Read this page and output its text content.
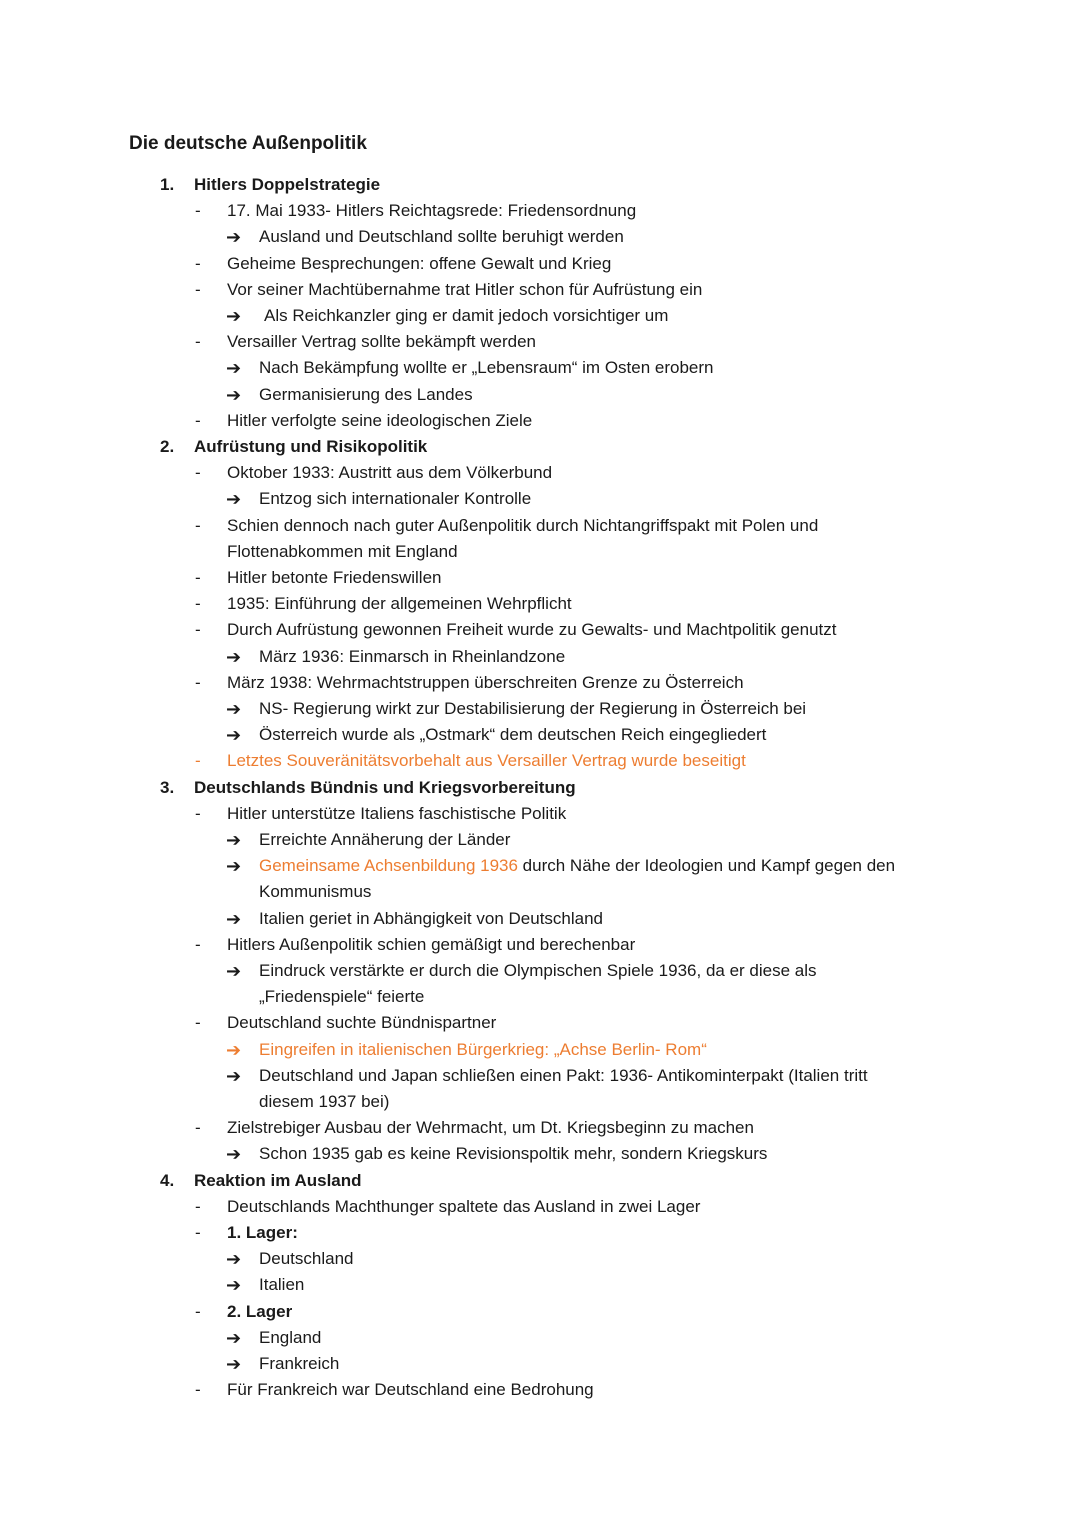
Die deutsche Außenpolitik
1. Hitlers Doppelstrategie
- 17. Mai 1933- Hitlers Reichtagsrede: Friedensordnung
➔ Ausland und Deutschland sollte beruhigt werden
- Geheime Besprechungen: offene Gewalt und Krieg
- Vor seiner Machtübernahme trat Hitler schon für Aufrüstung ein
➔ Als Reichkanzler ging er damit jedoch vorsichtiger um
- Versailler Vertrag sollte bekämpft werden
➔ Nach Bekämpfung wollte er „Lebensraum“ im Osten erobern
➔ Germanisierung des Landes
- Hitler verfolgte seine ideologischen Ziele
2. Aufrüstung und Risikopolitik
- Oktober 1933: Austritt aus dem Völkerbund
➔ Entzog sich internationaler Kontrolle
- Schien dennoch nach guter Außenpolitik durch Nichtangriffspakt mit Polen und
Flottenabkommen mit England
- Hitler betonte Friedenswillen
- 1935: Einführung der allgemeinen Wehrpflicht
- Durch Aufrüstung gewonnen Freiheit wurde zu Gewalts- und Machtpolitik genutzt
➔ März 1936: Einmarsch in Rheinlandzone
- März 1938: Wehrmachtstruppen überschreiten Grenze zu Österreich
➔ NS- Regierung wirkt zur Destabilisierung der Regierung in Österreich bei
➔ Österreich wurde als „Ostmark“ dem deutschen Reich eingegliedert
- Letztes Souveränitätsvorbehalt aus Versailler Vertrag wurde beseitigt
3. Deutschlands Bündnis und Kriegsvorbereitung
- Hitler unterstütze Italiens faschistische Politik
➔ Erreichte Annäherung der Länder
➔ Gemeinsame Achsenbildung 1936 durch Nähe der Ideologien und Kampf gegen den
Kommunismus
➔ Italien geriet in Abhängigkeit von Deutschland
- Hitlers Außenpolitik schien gemäßigt und berechenbar
➔ Eindruck verstärkte er durch die Olympischen Spiele 1936, da er diese als
„Friedenspiele“ feierte
- Deutschland suchte Bündnispartner
➔ Eingreifen in italienischen Bürgerkrieg: „Achse Berlin- Rom“
➔ Deutschland und Japan schließen einen Pakt: 1936- Antikominterpakt (Italien tritt
diesem 1937 bei)
- Zielstrebiger Ausbau der Wehrmacht, um Dt. Kriegsbeginn zu machen
➔ Schon 1935 gab es keine Revisionspoltik mehr, sondern Kriegskurs
4. Reaktion im Ausland
- Deutschlands Machthunger spaltete das Ausland in zwei Lager
- 1. Lager:
➔ Deutschland
➔ Italien
- 2. Lager
➔ England
➔ Frankreich
- Für Frankreich war Deutschland eine Bedrohung
